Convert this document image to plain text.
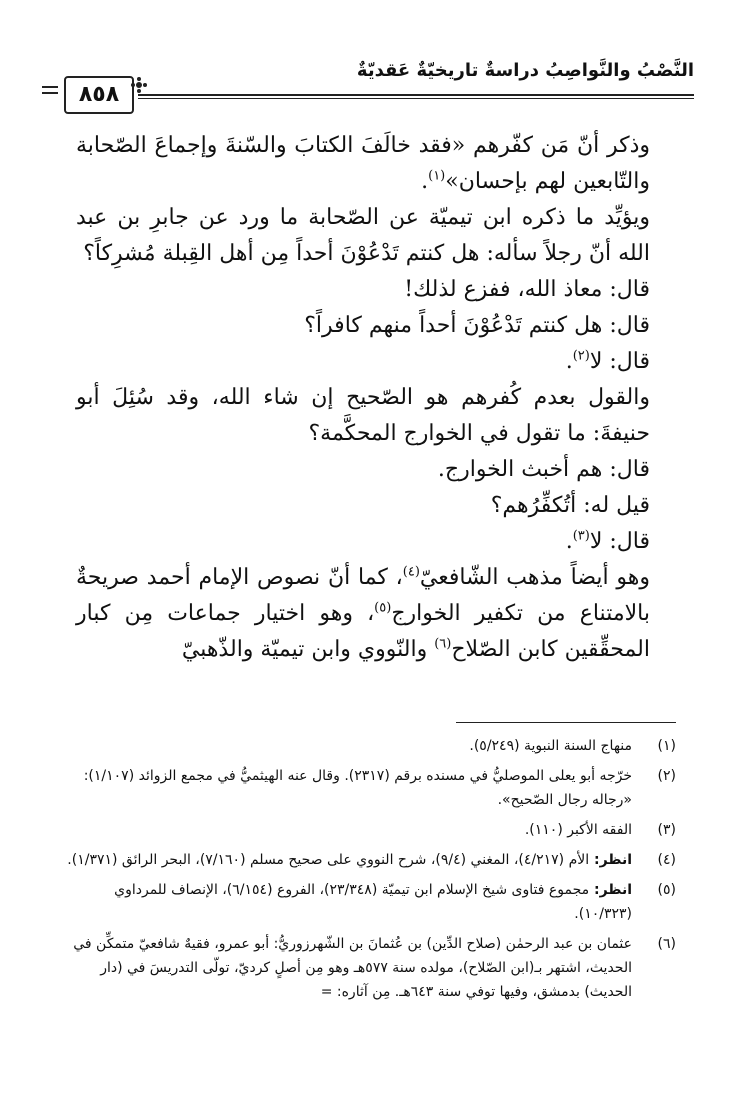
النَّصْبُ والنَّواصِبُ دراسةٌ تاريخيّةٌ عَقديّةٌ
٨٥٨

وذكر أنّ مَن كفّرهم «فقد خالَفَ الكتابَ والسّنةَ وإجماعَ الصّحابة والتّابعين لهم بإحسان»$^{(١)}$.

ويؤيِّد ما ذكره ابن تيميّة عن الصّحابة ما ورد عن جابرِ بن عبد الله أنّ رجلاً سأله: هل كنتم تَدْعُوْنَ أحداً مِن أهل القِبلة مُشرِكاً؟

قال: معاذ الله، ففزع لذلك!

قال: هل كنتم تَدْعُوْنَ أحداً منهم كافراً؟

قال: لا$^{(٢)}$.

والقول بعدم كُفرهم هو الصّحيح إن شاء الله، وقد سُئِلَ أبو حنيفةَ: ما تقول في الخوارج المحكَّمة؟

قال: هم أخبث الخوارج.

قيل له: أتُكفِّرُهم؟

قال: لا$^{(٣)}$.

وهو أيضاً مذهب الشّافعيّ$^{(٤)}$، كما أنّ نصوص الإمام أحمد صريحةٌ بالامتناع من تكفير الخوارج$^{(٥)}$، وهو اختيار جماعات مِن كبار المحقِّقين كابن الصّلاح$^{(٦)}$ والنّووي وابن تيميّة والذّهبيّ

(١)
منهاج السنة النبوية (٥/٢٤٩).
(٢)
خرّجه أبو يعلى الموصليُّ في مسنده برقم (٢٣١٧). وقال عنه الهيثميُّ في مجمع الزوائد (١/١٠٧): «رجاله رجال الصّحيح».
(٣)
الفقه الأكبر (١١٠).
(٤)
انظر: الأم (٤/٢١٧)، المغني (٩/٤)، شرح النووي على صحيح مسلم (٧/١٦٠)، البحر الرائق (١/٣٧١).
(٥)
انظر: مجموع فتاوى شيخ الإسلام ابن تيميّة (٢٣/٣٤٨)، الفروع (٦/١٥٤)، الإنصاف للمرداوي (١٠/٣٢٣).
(٦)
عثمان بن عبد الرحمٰن (صلاح الدِّين) بن عُثمانَ بن الشّهرزوريُّ: أبو عمرو، فقيهٌ شافعيّ متمكِّن في الحديث، اشتهر بـ(ابن الصّلاح)، مولده سنة ٥٧٧هـ وهو مِن أصلٍ كرديّ، تولّى التدريسَ في (دار الحديث) بدمشق، وفيها توفي سنة ٦٤٣هـ. مِن آثاره: =
